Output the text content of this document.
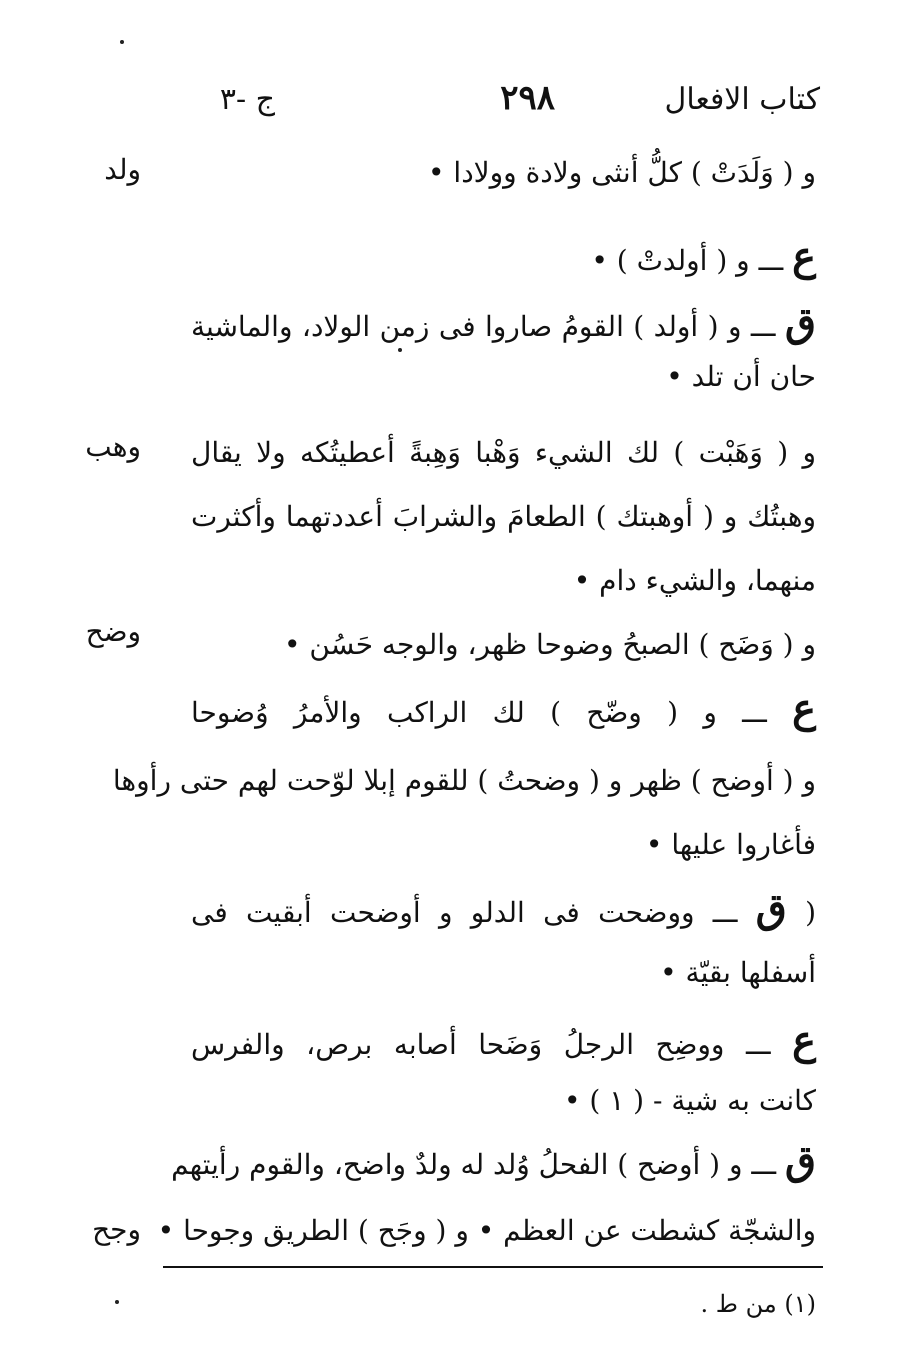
كتاب الافعال
٢٩٨
ج -٣
ولد
وهب
وضح
وجح
و ( وَلَدَتْ ) كلُّ أنثى ولادة وولادا •
ع ـــ و ( أولدتْ ) •
ق ـــ و ( أولد ) القومُ صاروا فى زمن الولاد، والماشية
حان أن تلد •
و ( وَهَبْت ) لك الشيء وَهْبا وَهِبةً أعطيتُكه ولا يقال
وهبتُك و ( أوهبتك ) الطعامَ والشرابَ أعددتهما وأكثرت
منهما، والشيء دام •
و ( وَضَح ) الصبحُ وضوحا ظهر، والوجه حَسُن •
ع ـــ و ( وضّح ) لك الراكب والأمرُ وُضوحا
و ( أوضح ) ظهر و ( وضحتُ ) للقوم إبلا لوّحت لهم حتى رأوها
فأغاروا عليها •
( ق ـــ ووضحت فى الدلو و أوضحت أبقيت فى
أسفلها بقيّة •
ع ـــ ووضِح الرجلُ وَضَحا أصابه برص، والفرس
كانت به شية - ( ١ ) •
ق ـــ و ( أوضح ) الفحلُ وُلد له ولدٌ واضح، والقوم رأيتهم
والشجّة كشطت عن العظم • و ( وجَح ) الطريق وجوحا •
(١) من ط .
